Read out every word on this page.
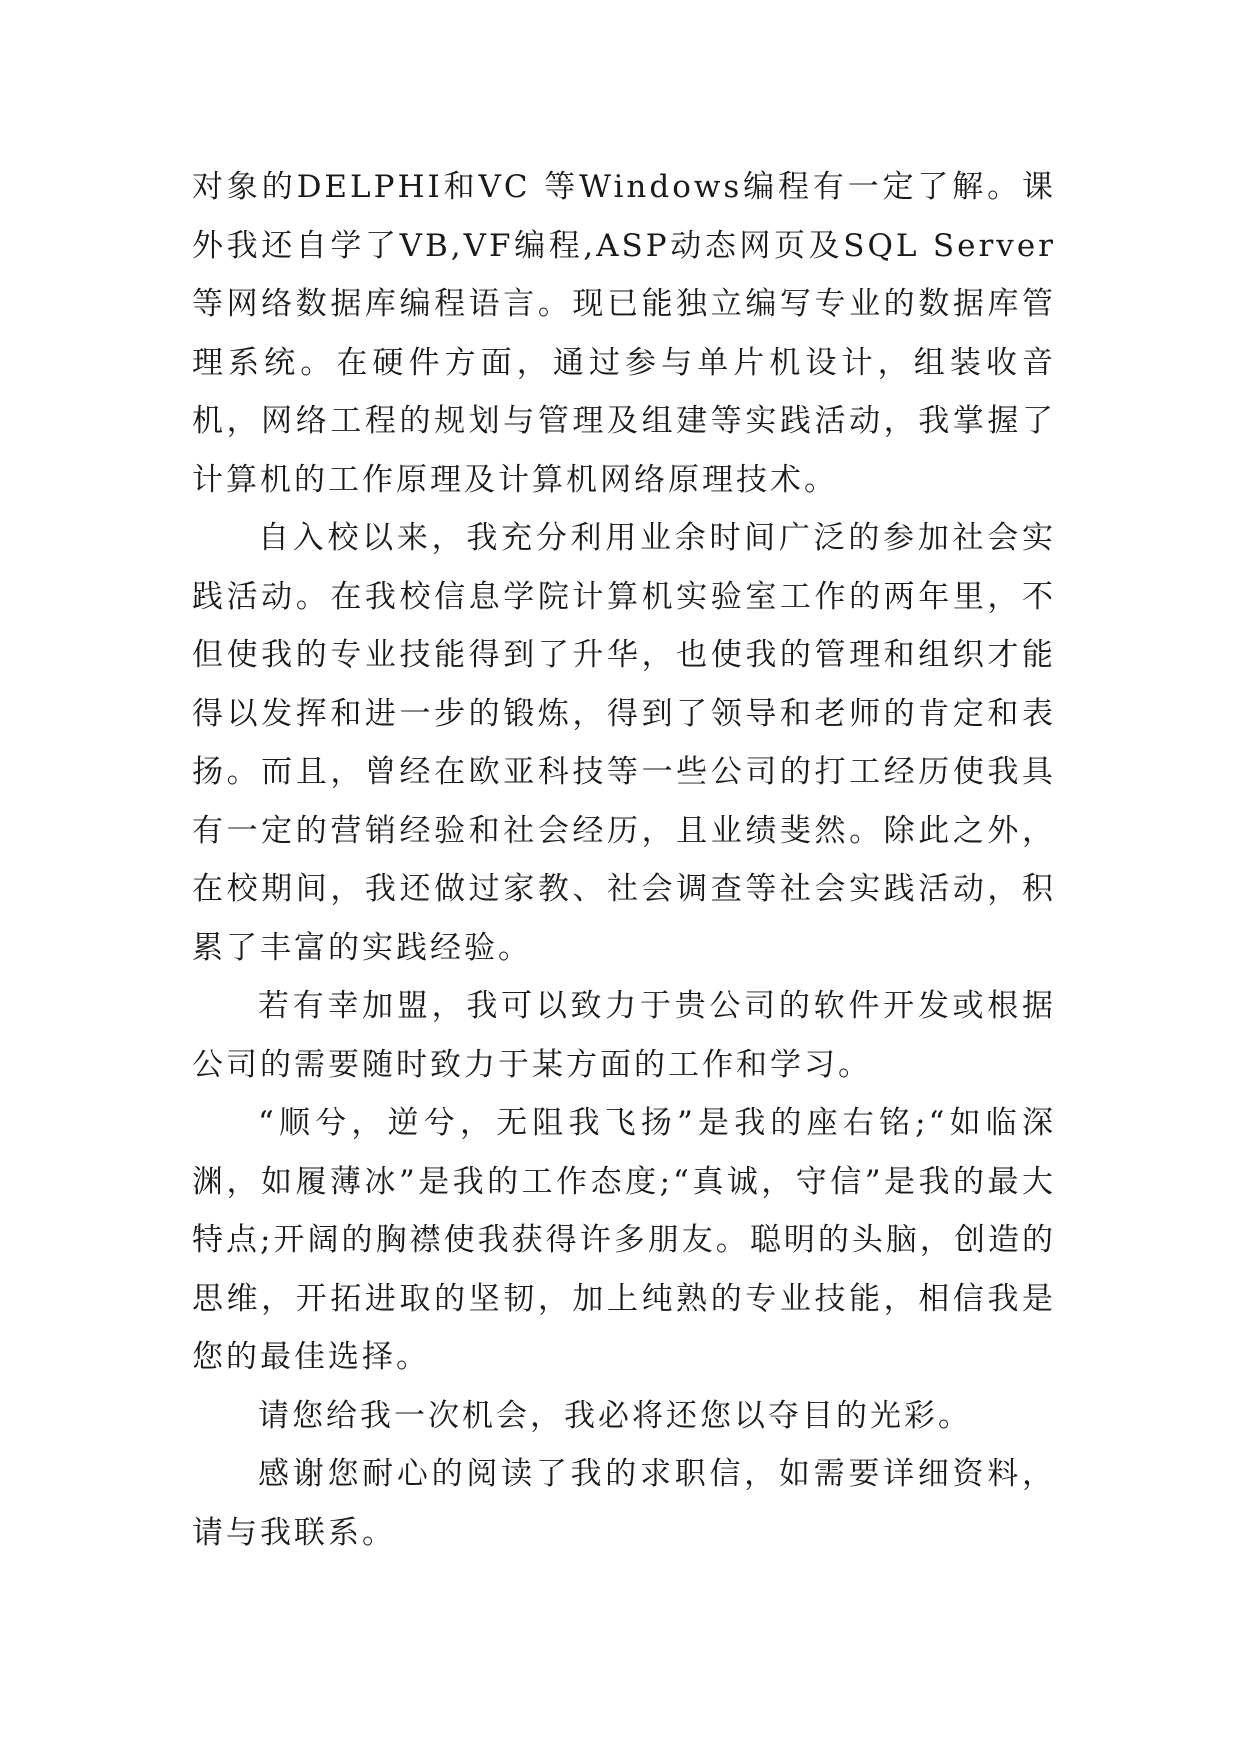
对象的DELPHI和VC 等Windows编程有一定了解。课外我还自学了VB,VF编程,ASP动态网页及SQL Server等网络数据库编程语言。现已能独立编写专业的数据库管理系统。在硬件方面，通过参与单片机设计，组装收音机，网络工程的规划与管理及组建等实践活动，我掌握了计算机的工作原理及计算机网络原理技术。

自入校以来，我充分利用业余时间广泛的参加社会实践活动。在我校信息学院计算机实验室工作的两年里，不但使我的专业技能得到了升华，也使我的管理和组织才能得以发挥和进一步的锻炼，得到了领导和老师的肯定和表扬。而且，曾经在欧亚科技等一些公司的打工经历使我具有一定的营销经验和社会经历，且业绩斐然。除此之外，在校期间，我还做过家教、社会调查等社会实践活动，积累了丰富的实践经验。

若有幸加盟，我可以致力于贵公司的软件开发或根据公司的需要随时致力于某方面的工作和学习。

“顺兮，逆兮，无阻我飞扬”是我的座右铭;“如临深渊，如履薄冰”是我的工作态度;“真诚，守信”是我的最大特点;开阔的胸襟使我获得许多朋友。聪明的头脑，创造的思维，开拓进取的坚韧，加上纯熟的专业技能，相信我是您的最佳选择。

请您给我一次机会，我必将还您以夺目的光彩。

感谢您耐心的阅读了我的求职信，如需要详细资料，请与我联系。
